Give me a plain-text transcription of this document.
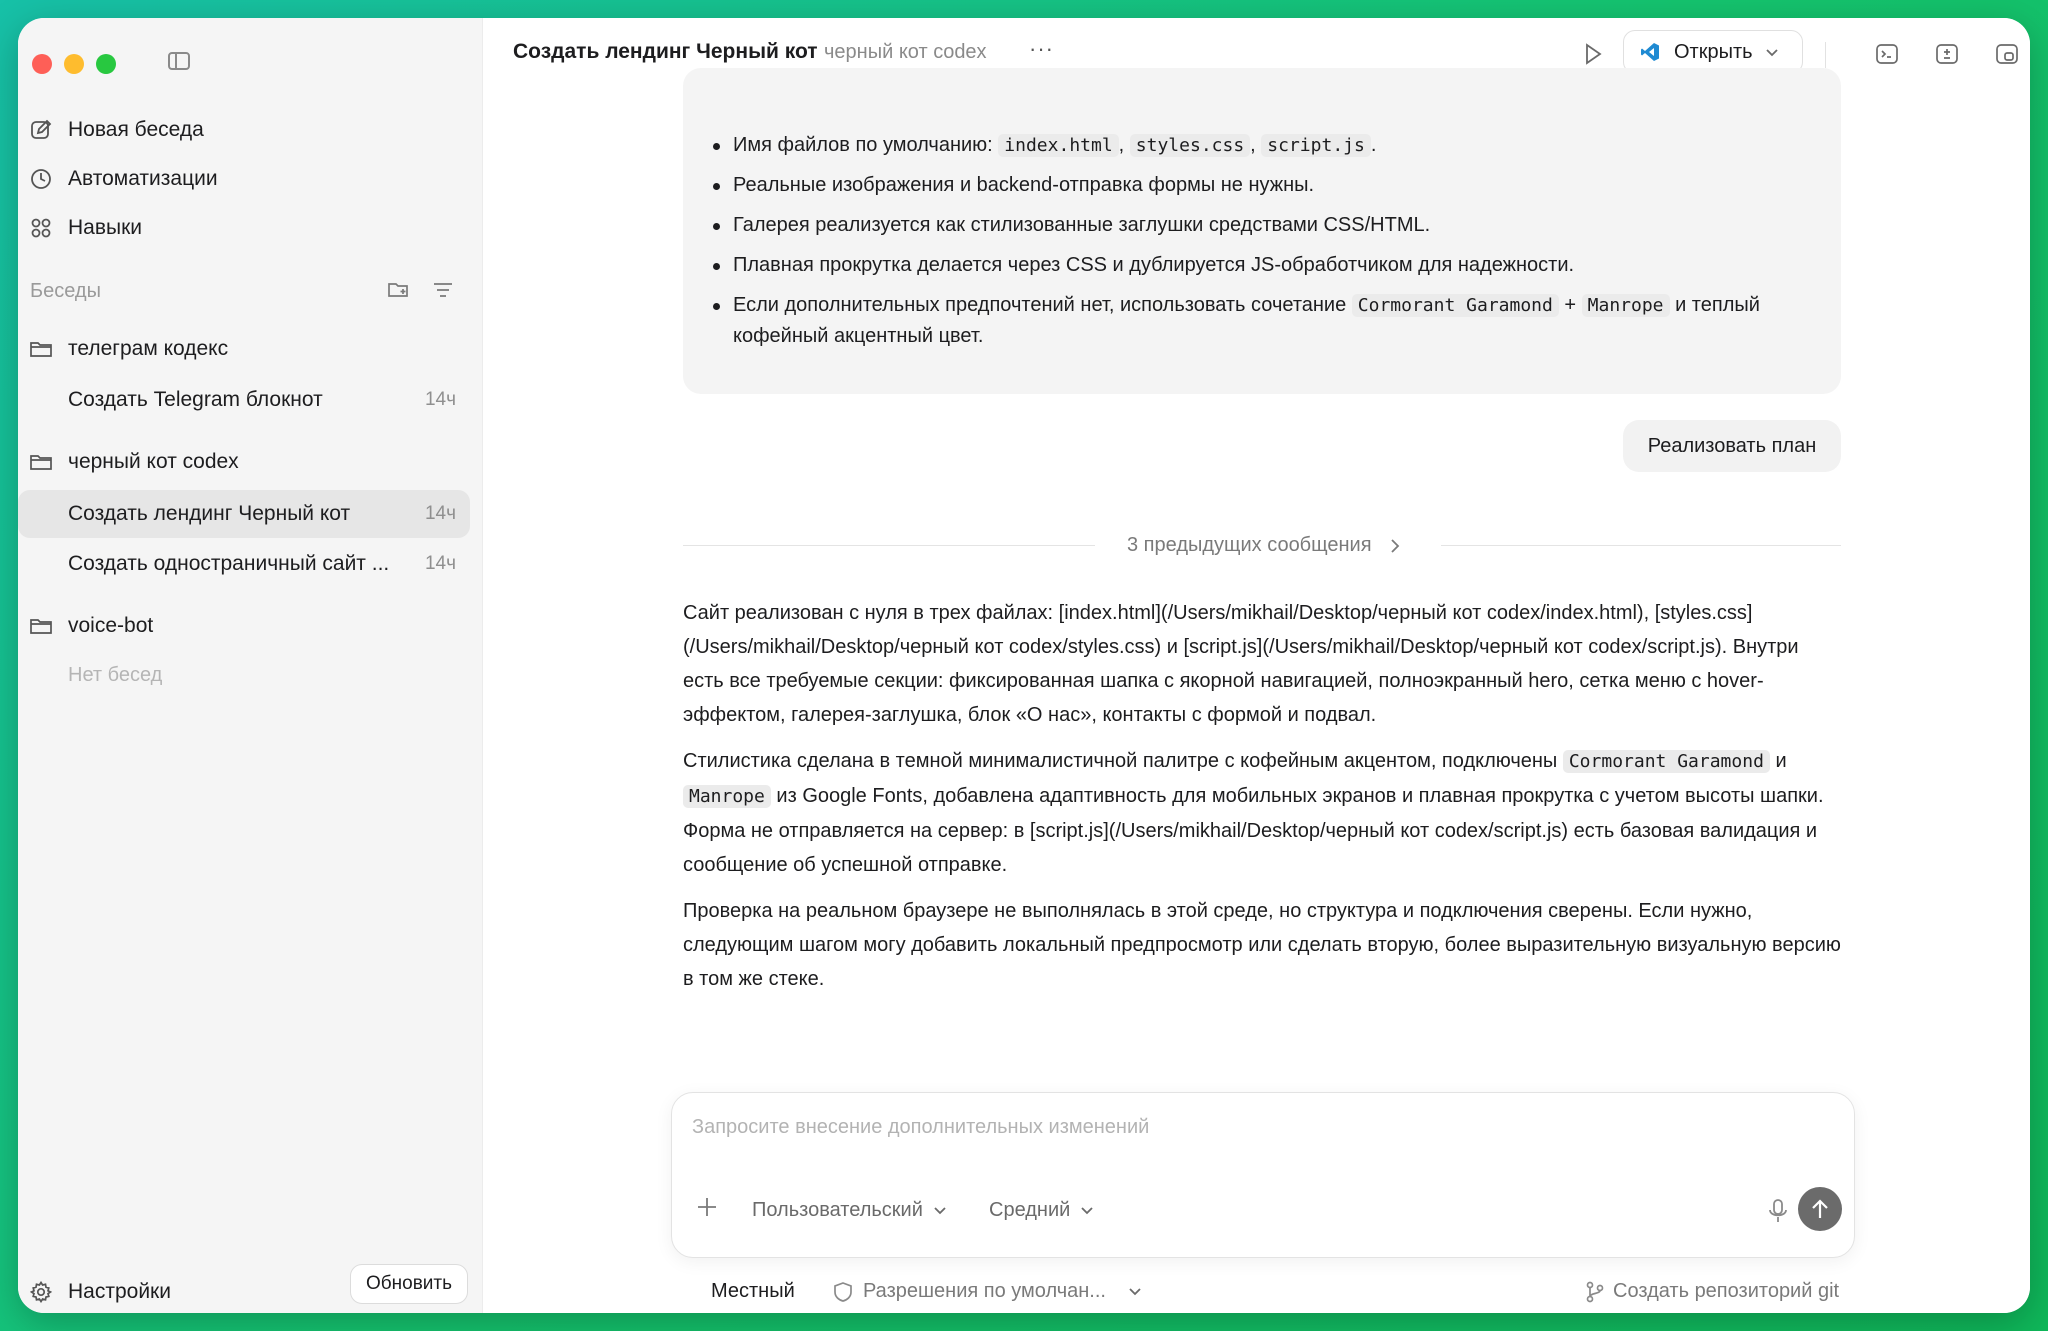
Новая беседа
Автоматизации
Навыки
Беседы
телеграм кодекс
Создать Telegram блокнот	14ч
черный кот codex
Создать лендинг Черный кот	14ч
Создать одностраничный сайт ...	14ч
voice-bot
Нет бесед
Настройки	Обновить
Создать лендинг Черный кот черный кот codex ···	Открыть
Имя файлов по умолчанию: index.html , styles.css , script.js .
Реальные изображения и backend-отправка формы не нужны.
Галерея реализуется как стилизованные заглушки средствами CSS/HTML.
Плавная прокрутка делается через CSS и дублируется JS-обработчиком для надежности.
Если дополнительных предпочтений нет, использовать сочетание Cormorant Garamond + Manrope и теплый кофейный акцентный цвет.
Реализовать план
3 предыдущих сообщения

Сайт реализован с нуля в трех файлах: [index.html](/Users/mikhail/Desktop/черный кот codex/index.html), [styles.css](/Users/mikhail/Desktop/черный кот codex/styles.css) и [script.js](/Users/mikhail/Desktop/черный кот codex/script.js). Внутри есть все требуемые секции: фиксированная шапка с якорной навигацией, полноэкранный hero, сетка меню с hover-эффектом, галерея-заглушка, блок «О нас», контакты с формой и подвал.

Стилистика сделана в темной минималистичной палитре с кофейным акцентом, подключены Cormorant Garamond и Manrope из Google Fonts, добавлена адаптивность для мобильных экранов и плавная прокрутка с учетом высоты шапки. Форма не отправляется на сервер: в [script.js](/Users/mikhail/Desktop/черный кот codex/script.js) есть базовая валидация и сообщение об успешной отправке.

Проверка на реальном браузере не выполнялась в этой среде, но структура и подключения сверены. Если нужно, следующим шагом могу добавить локальный предпросмотр или сделать вторую, более выразительную визуальную версию в том же стеке.

Запросите внесение дополнительных изменений
Пользовательский	Средний
Местный	Разрешения по умолчан...	Создать репозиторий git
